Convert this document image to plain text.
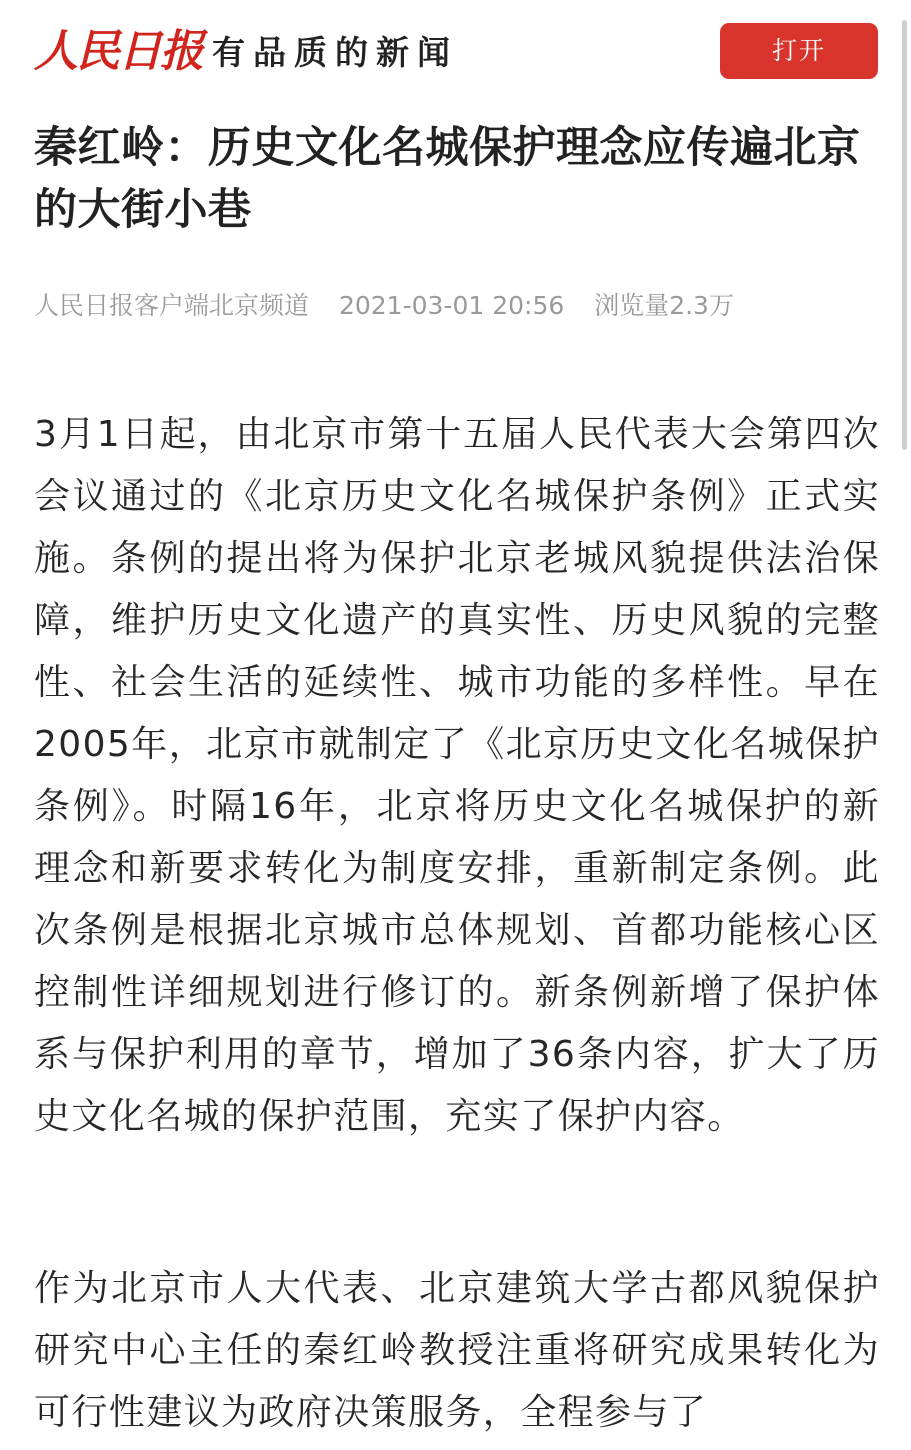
人民日报 有品质的新闻	打开
秦红岭：历史文化名城保护理念应传遍北京的大街小巷
人民日报客户端北京频道 2021-03-01 20:56 浏览量2.3万

3月1日起，由北京市第十五届人民代表大会第四次会议通过的《北京历史文化名城保护条例》正式实施。条例的提出将为保护北京老城风貌提供法治保障，维护历史文化遗产的真实性、历史风貌的完整性、社会生活的延续性、城市功能的多样性。早在2005年，北京市就制定了《北京历史文化名城保护条例》。时隔16年，北京将历史文化名城保护的新理念和新要求转化为制度安排，重新制定条例。此次条例是根据北京城市总体规划、首都功能核心区控制性详细规划进行修订的。新条例新增了保护体系与保护利用的章节，增加了36条内容，扩大了历史文化名城的保护范围，充实了保护内容。

作为北京市人大代表、北京建筑大学古都风貌保护研究中心主任的秦红岭教授注重将研究成果转化为可行性建议为政府决策服务，全程参与了
